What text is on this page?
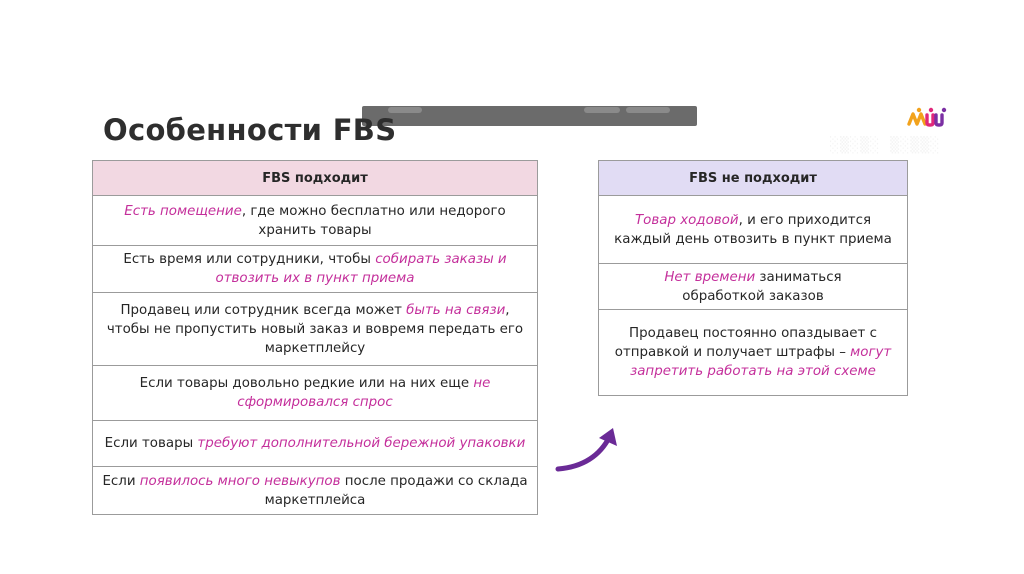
Особенности FBS
FBS подходит
Есть помещение, где можно бесплатно или недорого хранить товары
Есть время или сотрудники, чтобы собирать заказы и отвозить их в пункт приема
Продавец или сотрудник всегда может быть на связи, чтобы не пропустить новый заказ и вовремя передать его маркетплейсу
Если товары довольно редкие или на них еще не сформировался спрос
Если товары требуют дополнительной бережной упаковки
Если появилось много невыкупов после продажи со склада маркетплейса
FBS не подходит
Товар ходовой, и его приходится каждый день отвозить в пункт приема
Нет времени заниматься обработкой заказов
Продавец постоянно опаздывает с отправкой и получает штрафы – могут запретить работать на этой схеме
